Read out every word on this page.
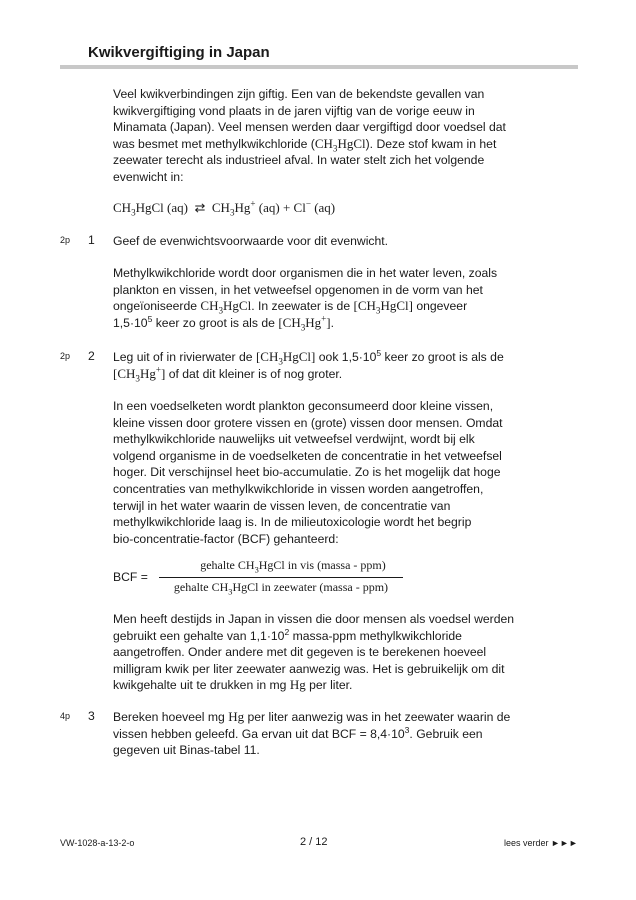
Kwikvergiftiging in Japan

Veel kwikverbindingen zijn giftig. Een van de bekendste gevallen van

kwikvergiftiging vond plaats in de jaren vijftig van de vorige eeuw in

Minamata (Japan). Veel mensen werden daar vergiftigd door voedsel dat

was besmet met methylkwikchloride $(CH_3HgCl)$. Deze stof kwam in het

zeewater terecht als industrieel afval. In water stelt zich het volgende

evenwicht in:

$CH_3HgCl$ (aq) ⇄  $CH_3Hg^+$ (aq) + Cl− (aq)
2p 1 Geef de evenwichtsvoorwaarde voor dit evenwicht.

Methylkwikchloride wordt door organismen die in het water leven, zoals

plankton en vissen, in het vetweefsel opgenomen in de vorm van het

ongeïoniseerde $CH_3HgCl$. In zeewater is de $[CH_3HgCl]$ ongeveer

$1,5\cdot 10^5$ keer zo groot is als de $[CH_3Hg^+]$.

2p 2 Leg uit of in rivierwater de $[CH_3HgCl]$ ook $1,5\cdot 10^5$ keer zo groot is als de

$[CH_3Hg^+]$ of dat dit kleiner is of nog groter.

In een voedselketen wordt plankton geconsumeerd door kleine vissen,

kleine vissen door grotere vissen en (grote) vissen door mensen. Omdat

methylkwikchloride nauwelijks uit vetweefsel verdwijnt, wordt bij elk

volgend organisme in de voedselketen de concentratie in het vetweefsel

hoger. Dit verschijnsel heet bio-accumulatie. Zo is het mogelijk dat hoge

concentraties van methylkwikchloride in vissen worden aangetroffen,

terwijl in het water waarin de vissen leven, de concentratie van

methylkwikchloride laag is. In de milieutoxicologie wordt het begrip

bio-concentratie-factor (BCF) gehanteerd:

BCF =
gehalte $CH_3HgCl$ in vis (massa - ppm)
gehalte $CH_3HgCl$ in zeewater (massa - ppm)

Men heeft destijds in Japan in vissen die door mensen als voedsel werden

gebruikt een gehalte van $1,1\cdot 10^2$ massa-ppm methylkwikchloride

aangetroffen. Onder andere met dit gegeven is te berekenen hoeveel

milligram kwik per liter zeewater aanwezig was. Het is gebruikelijk om dit

kwikgehalte uit te drukken in mg Hg per liter.

4p 3 Bereken hoeveel mg Hg per liter aanwezig was in het zeewater waarin de

vissen hebben geleefd. Ga ervan uit dat BCF = $8,4\cdot 10^3$. Gebruik een

gegeven uit Binas-tabel 11.

VW-1028-a-13-2-o	2 / 12	lees verder ►►►
